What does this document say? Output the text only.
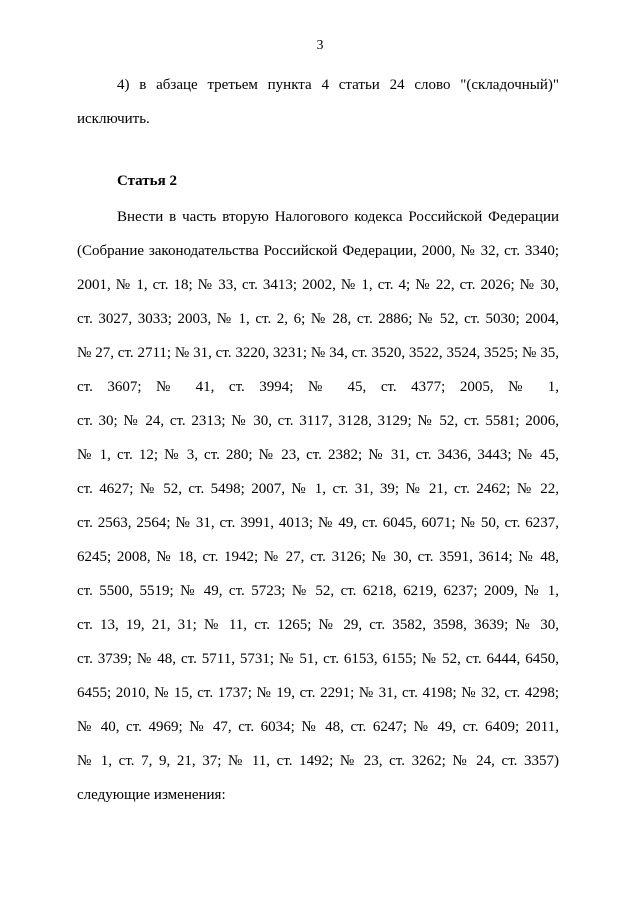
3
4) в абзаце третьем пункта 4 статьи 24 слово "(складочный)"
исключить.
Статья 2
Внести в часть вторую Налогового кодекса Российской Федерации
(Собрание законодательства Российской Федерации, 2000, № 32, ст. 3340;
2001, № 1, ст. 18; № 33, ст. 3413; 2002, № 1, ст. 4; № 22, ст. 2026; № 30,
ст. 3027, 3033; 2003, № 1, ст. 2, 6; № 28, ст. 2886; № 52, ст. 5030; 2004,
№ 27, ст. 2711; № 31, ст. 3220, 3231; № 34, ст. 3520, 3522, 3524, 3525; № 35,
ст. 3607; № 41, ст. 3994; № 45, ст. 4377; 2005, № 1,
ст. 30; № 24, ст. 2313; № 30, ст. 3117, 3128, 3129; № 52, ст. 5581; 2006,
№ 1, ст. 12; № 3, ст. 280; № 23, ст. 2382; № 31, ст. 3436, 3443; № 45,
ст. 4627; № 52, ст. 5498; 2007, № 1, ст. 31, 39; № 21, ст. 2462; № 22,
ст. 2563, 2564; № 31, ст. 3991, 4013; № 49, ст. 6045, 6071; № 50, ст. 6237,
6245; 2008, № 18, ст. 1942; № 27, ст. 3126; № 30, ст. 3591, 3614; № 48,
ст. 5500, 5519; № 49, ст. 5723; № 52, ст. 6218, 6219, 6237; 2009, № 1,
ст. 13, 19, 21, 31; № 11, ст. 1265; № 29, ст. 3582, 3598, 3639; № 30,
ст. 3739; № 48, ст. 5711, 5731; № 51, ст. 6153, 6155; № 52, ст. 6444, 6450,
6455; 2010, № 15, ст. 1737; № 19, ст. 2291; № 31, ст. 4198; № 32, ст. 4298;
№ 40, ст. 4969; № 47, ст. 6034; № 48, ст. 6247; № 49, ст. 6409; 2011,
№ 1, ст. 7, 9, 21, 37; № 11, ст. 1492; № 23, ст. 3262; № 24, ст. 3357)
следующие изменения:
